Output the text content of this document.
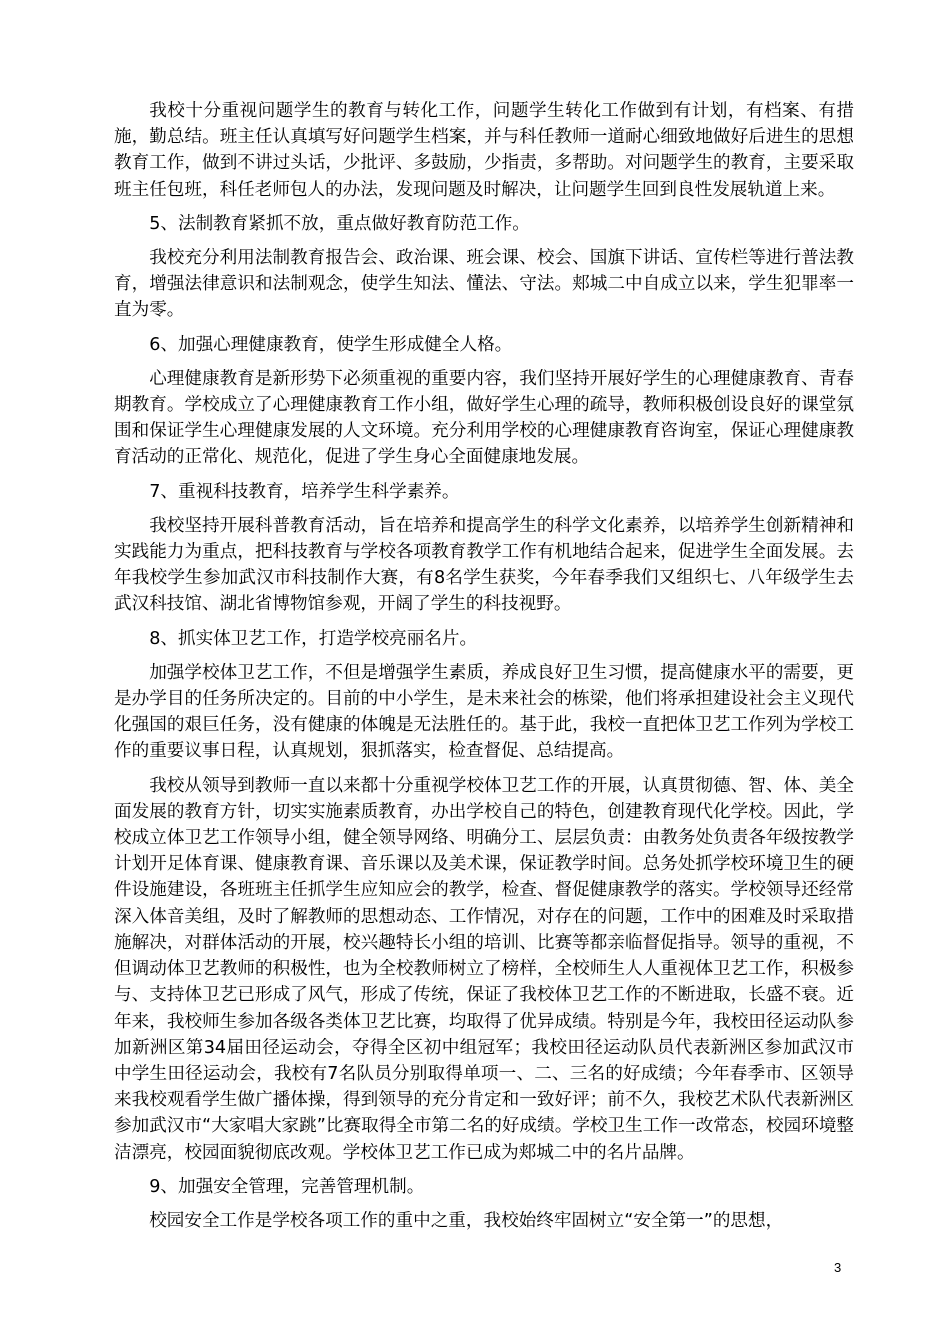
我校十分重视问题学生的教育与转化工作，问题学生转化工作做到有计划，有档案、有措施，勤总结。班主任认真填写好问题学生档案，并与科任教师一道耐心细致地做好后进生的思想教育工作，做到不讲过头话，少批评、多鼓励，少指责，多帮助。对问题学生的教育，主要采取班主任包班，科任老师包人的办法，发现问题及时解决，让问题学生回到良性发展轨道上来。

5、法制教育紧抓不放，重点做好教育防范工作。

我校充分利用法制教育报告会、政治课、班会课、校会、国旗下讲话、宣传栏等进行普法教育，增强法律意识和法制观念，使学生知法、懂法、守法。郏城二中自成立以来，学生犯罪率一直为零。

6、加强心理健康教育，使学生形成健全人格。

心理健康教育是新形势下必须重视的重要内容，我们坚持开展好学生的心理健康教育、青春期教育。学校成立了心理健康教育工作小组，做好学生心理的疏导，教师积极创设良好的课堂氛围和保证学生心理健康发展的人文环境。充分利用学校的心理健康教育咨询室，保证心理健康教育活动的正常化、规范化，促进了学生身心全面健康地发展。

7、重视科技教育，培养学生科学素养。

我校坚持开展科普教育活动，旨在培养和提高学生的科学文化素养，以培养学生创新精神和实践能力为重点，把科技教育与学校各项教育教学工作有机地结合起来，促进学生全面发展。去年我校学生参加武汉市科技制作大赛，有8名学生获奖，今年春季我们又组织七、八年级学生去武汉科技馆、湖北省博物馆参观，开阔了学生的科技视野。

8、抓实体卫艺工作，打造学校亮丽名片。

加强学校体卫艺工作，不但是增强学生素质，养成良好卫生习惯，提高健康水平的需要，更是办学目的任务所决定的。目前的中小学生，是未来社会的栋梁，他们将承担建设社会主义现代化强国的艰巨任务，没有健康的体魄是无法胜任的。基于此，我校一直把体卫艺工作列为学校工作的重要议事日程，认真规划，狠抓落实，检查督促、总结提高。

我校从领导到教师一直以来都十分重视学校体卫艺工作的开展，认真贯彻德、智、体、美全面发展的教育方针，切实实施素质教育，办出学校自己的特色，创建教育现代化学校。因此，学校成立体卫艺工作领导小组，健全领导网络、明确分工、层层负责：由教务处负责各年级按教学计划开足体育课、健康教育课、音乐课以及美术课，保证教学时间。总务处抓学校环境卫生的硬件设施建设，各班班主任抓学生应知应会的教学，检查、督促健康教学的落实。学校领导还经常深入体音美组，及时了解教师的思想动态、工作情况，对存在的问题，工作中的困难及时采取措施解决，对群体活动的开展，校兴趣特长小组的培训、比赛等都亲临督促指导。领导的重视，不但调动体卫艺教师的积极性，也为全校教师树立了榜样，全校师生人人重视体卫艺工作，积极参与、支持体卫艺已形成了风气，形成了传统，保证了我校体卫艺工作的不断进取，长盛不衰。近年来，我校师生参加各级各类体卫艺比赛，均取得了优异成绩。特别是今年，我校田径运动队参加新洲区第34届田径运动会，夺得全区初中组冠军；我校田径运动队员代表新洲区参加武汉市中学生田径运动会，我校有7名队员分别取得单项一、二、三名的好成绩；今年春季市、区领导来我校观看学生做广播体操，得到领导的充分肯定和一致好评；前不久，我校艺术队代表新洲区参加武汉市“大家唱大家跳”比赛取得全市第二名的好成绩。学校卫生工作一改常态，校园环境整洁漂亮，校园面貌彻底改观。学校体卫艺工作已成为郏城二中的名片品牌。

9、加强安全管理，完善管理机制。

校园安全工作是学校各项工作的重中之重，我校始终牢固树立“安全第一”的思想，

3
